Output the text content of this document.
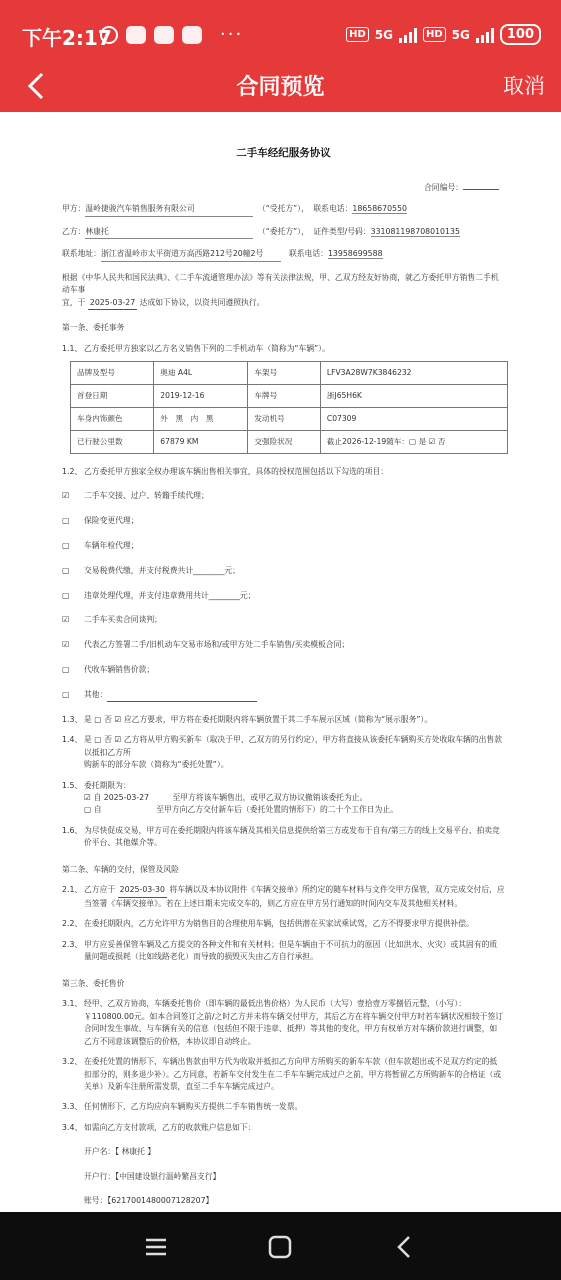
下午2:17	···	HD 5G	HD 5G	100
合同预览	取消
二手车经纪服务协议
合同编号：
甲方： 温岭捷骏汽车销售服务有限公司	（“受托方”）， 联系电话：18658670550
乙方： 林康托	（“委托方”）， 证件类型/号码：331081198708010135
联系地址： 浙江省温岭市太平街道万高西路212号20幢2号	联系电话：13958699588
根据《中华人民共和国民法典》、《二手车流通管理办法》等有关法律法规，甲、乙双方经友好协商，就乙方委托甲方销售二手机动车事
宜，于 2025-03-27 达成如下协议，以资共同遵照执行。
第一条、委托事务
1.1、 乙方委托甲方独家以乙方名义销售下列的二手机动车（简称为“车辆”）。
品牌及型号	奥迪 A4L	车架号	LFV3A28W7K3846232
首登日期	2019-12-16	车牌号	浙J65H6K
车身内饰颜色	外　黑　内　黑	发动机号	C07309
已行驶公里数	67879 KM	交强险状况	截止2026-12-19随车：▢ 是 ☑ 否
1.2、 乙方委托甲方独家全权办理该车辆出售相关事宜，具体的授权范围包括以下勾选的项目：
☑	二手车交接、过户、转籍手续代理；
▢	保险变更代理；
▢	车辆年检代理；
▢	交易税费代缴，并支付税费共计________元；
▢	违章处理代理，并支付违章费用共计________元；
☑	二手车买卖合同谈判；
☑	代表乙方签署二手/旧机动车交易市场和/或甲方处二手车销售/买卖模板合同；
▢	代收车辆销售价款；
▢	其他：
1.3、 是 ▢ 否 ☑ 应乙方要求，甲方将在委托期限内将车辆放置于其二手车展示区域（简称为“展示服务”）。
1.4、 是 ▢ 否 ☑ 乙方将从甲方购买新车（取决于甲、乙双方的另行约定），甲方将直接从该委托车辆购买方处收取车辆的出售款以抵扣乙方所
购新车的部分车款（简称为“委托处置”）。
1.5、 委托期限为：
☑ 自 2025-03-27　　　至甲方将该车辆售出，或甲乙双方协议撤销该委托为止。
▢ 自　　　　　　　至甲方向乙方交付新车后（委托处置的情形下）的二十个工作日为止。
1.6、 为尽快促成交易，甲方可在委托期限内将该车辆及其相关信息提供给第三方或发布于自有/第三方的线上交易平台、拍卖竞价平台、其他媒介等。
第二条、车辆的交付，保管及风险
2.1、 乙方应于 2025-03-30 将车辆以及本协议附件《车辆交接单》所约定的随车材料与文件交甲方保管，双方完成交付后，应当签署《车辆交接单》。若在上述日期未完成交车的，则乙方应在甲方另行通知的时间内交车及其他相关材料。
2.2、 在委托期限内，乙方允许甲方为销售目的合理使用车辆，包括供潜在买家试乘试驾，乙方不得要求甲方提供补偿。
2.3、 甲方应妥善保管车辆及乙方提交的各种文件和有关材料；但是车辆由于不可抗力的原因（比如洪水、火灾）或其固有的质量问题或损耗（比如线路老化）而导致的损毁灭失由乙方自行承担。
第三条、委托售价
3.1、 经甲、乙双方协商，车辆委托售价（即车辆的最低出售价格）为人民币（大写）壹拾壹万零捌佰元整，（小写）：￥110800.00元。如本合同签订之前/之时乙方并未将车辆交付甲方，其后乙方在将车辆交付甲方时若车辆状况相较于签订合同时发生事故、与车辆有关的信息（包括但不限于违章、抵押）等其他的变化，甲方有权单方对车辆价款进行调整，如乙方不同意该调整后的价格，本协议即自动终止。
3.2、 在委托处置的情形下，车辆出售款由甲方代为收取并抵扣乙方向甲方所购买的新车车款（但车款超出或不足双方约定的抵扣部分的，则多退少补）。乙方同意，若新车交付发生在二手车车辆完成过户之前，甲方将暂留乙方所购新车的合格证（或关单）及新车注册所需发票，直至二手车车辆完成过户。
3.3、 任何情形下，乙方均应向车辆购买方提供二手车销售统一发票。
3.4、 如需向乙方支付款项，乙方的收款账户信息如下：
开户名：【 林康托 】
开户行：【中国建设银行温岭繁昌支行】
账号：【6217001480007128207】
